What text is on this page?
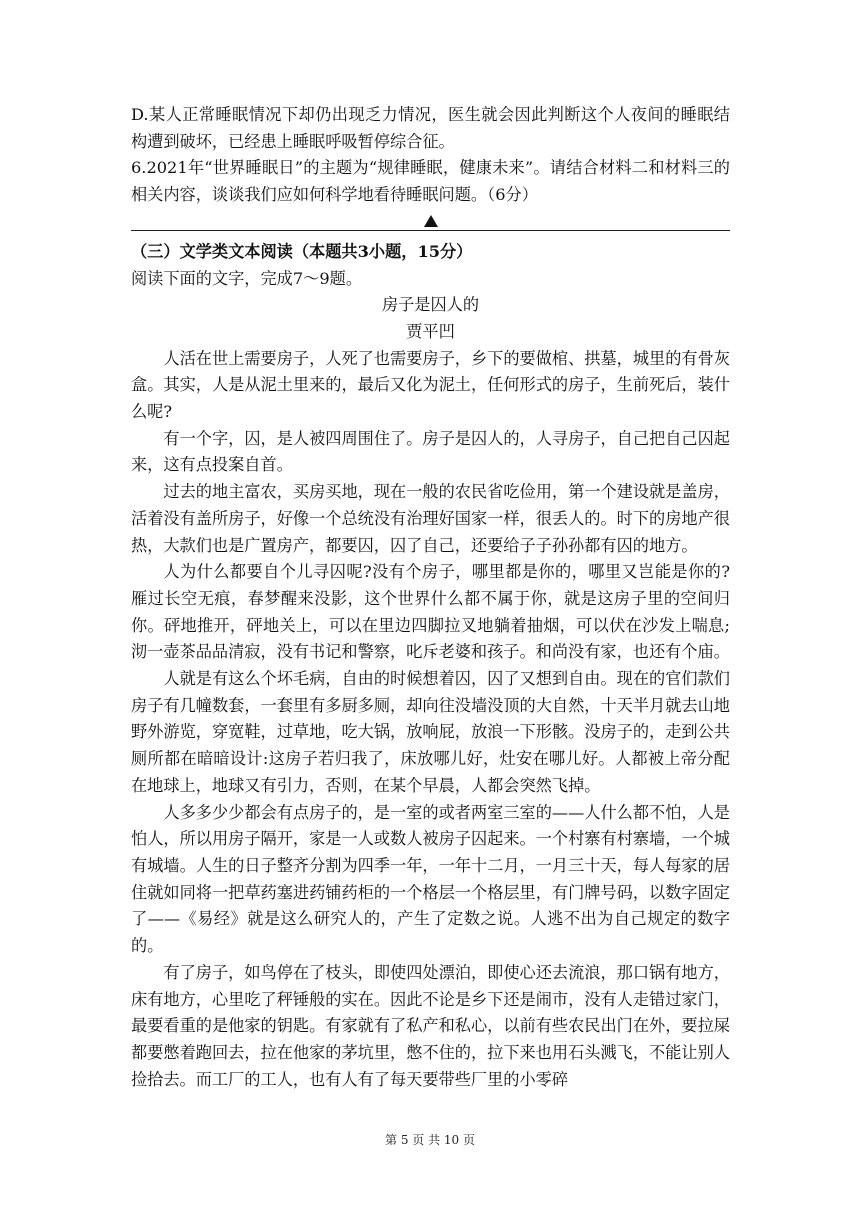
D.某人正常睡眠情况下却仍出现乏力情况，医生就会因此判断这个人夜间的睡眠结构遭到破坏，已经患上睡眠呼吸暂停综合征。

6.2021年“世界睡眠日”的主题为“规律睡眠，健康未来”。请结合材料二和材料三的相关内容，谈谈我们应如何科学地看待睡眠问题。（6分）

（三）文学类文本阅读（本题共3小题，15分）

阅读下面的文字，完成7～9题。

房子是囚人的

贾平凹

人活在世上需要房子，人死了也需要房子，乡下的要做棺、拱墓，城里的有骨灰盒。其实，人是从泥土里来的，最后又化为泥土，任何形式的房子，生前死后，装什么呢?

有一个字，囚，是人被四周围住了。房子是囚人的，人寻房子，自己把自己囚起来，这有点投案自首。

过去的地主富农，买房买地，现在一般的农民省吃俭用，第一个建设就是盖房，活着没有盖所房子，好像一个总统没有治理好国家一样，很丢人的。时下的房地产很热，大款们也是广置房产，都要囚，囚了自己，还要给子子孙孙都有囚的地方。

人为什么都要自个儿寻囚呢?没有个房子，哪里都是你的，哪里又岂能是你的?雁过长空无痕，春梦醒来没影，这个世界什么都不属于你，就是这房子里的空间归你。砰地推开，砰地关上，可以在里边四脚拉叉地躺着抽烟，可以伏在沙发上喘息;沏一壶茶品品清寂，没有书记和警察，叱斥老婆和孩子。和尚没有家，也还有个庙。

人就是有这么个坏毛病，自由的时候想着囚，囚了又想到自由。现在的官们款们房子有几幢数套，一套里有多厨多厕，却向往没墙没顶的大自然，十天半月就去山地野外游览，穿宽鞋，过草地，吃大锅，放响屁，放浪一下形骸。没房子的，走到公共厕所都在暗暗设计:这房子若归我了，床放哪儿好，灶安在哪儿好。人都被上帝分配在地球上，地球又有引力，否则，在某个早晨，人都会突然飞掉。

人多多少少都会有点房子的，是一室的或者两室三室的——人什么都不怕，人是怕人，所以用房子隔开，家是一人或数人被房子囚起来。一个村寨有村寨墙，一个城有城墙。人生的日子整齐分割为四季一年，一年十二月，一月三十天，每人每家的居住就如同将一把草药塞进药铺药柜的一个格层一个格层里，有门牌号码，以数字固定了——《易经》就是这么研究人的，产生了定数之说。人逃不出为自己规定的数字的。

有了房子，如鸟停在了枝头，即使四处漂泊，即使心还去流浪，那口锅有地方，床有地方，心里吃了秤锤般的实在。因此不论是乡下还是闹市，没有人走错过家门，最要看重的是他家的钥匙。有家就有了私产和私心，以前有些农民出门在外，要拉屎都要憋着跑回去，拉在他家的茅坑里，憋不住的，拉下来也用石头溅飞，不能让别人捡拾去。而工厂的工人，也有人有了每天要带些厂里的小零碎

第 5 页 共 10 页
